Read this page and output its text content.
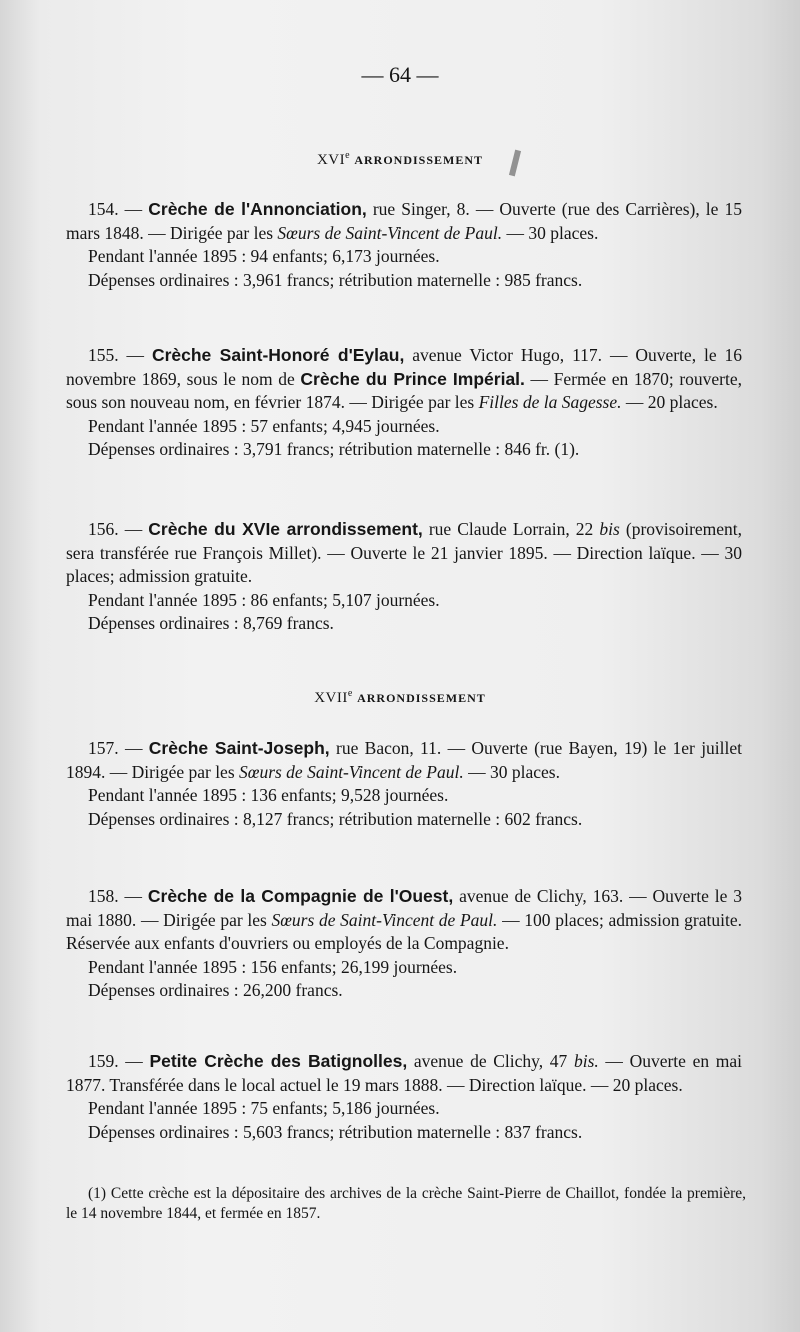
— 64 —
XVIe ARRONDISSEMENT

154. — Crèche de l'Annonciation, rue Singer, 8. — Ouverte (rue des Carrières), le 15 mars 1848. — Dirigée par les Sœurs de Saint-Vincent de Paul. — 30 places.

Pendant l'année 1895 : 94 enfants; 6,173 journées.

Dépenses ordinaires : 3,961 francs; rétribution maternelle : 985 francs.

155. — Crèche Saint-Honoré d'Eylau, avenue Victor Hugo, 117. — Ouverte, le 16 novembre 1869, sous le nom de Crèche du Prince Impérial. — Fermée en 1870; rouverte, sous son nouveau nom, en février 1874. — Dirigée par les Filles de la Sagesse. — 20 places.

Pendant l'année 1895 : 57 enfants; 4,945 journées.

Dépenses ordinaires : 3,791 francs; rétribution maternelle : 846 fr. (1).

156. — Crèche du XVIe arrondissement, rue Claude Lorrain, 22 bis (provisoirement, sera transférée rue François Millet). — Ouverte le 21 janvier 1895. — Direction laïque. — 30 places; admission gratuite.

Pendant l'année 1895 : 86 enfants; 5,107 journées.

Dépenses ordinaires : 8,769 francs.

XVIIe ARRONDISSEMENT

157. — Crèche Saint-Joseph, rue Bacon, 11. — Ouverte (rue Bayen, 19) le 1er juillet 1894. — Dirigée par les Sœurs de Saint-Vincent de Paul. — 30 places.

Pendant l'année 1895 : 136 enfants; 9,528 journées.

Dépenses ordinaires : 8,127 francs; rétribution maternelle : 602 francs.

158. — Crèche de la Compagnie de l'Ouest, avenue de Clichy, 163. — Ouverte le 3 mai 1880. — Dirigée par les Sœurs de Saint-Vincent de Paul. — 100 places; admission gratuite. Réservée aux enfants d'ouvriers ou employés de la Compagnie.

Pendant l'année 1895 : 156 enfants; 26,199 journées.

Dépenses ordinaires : 26,200 francs.

159. — Petite Crèche des Batignolles, avenue de Clichy, 47 bis. — Ouverte en mai 1877. Transférée dans le local actuel le 19 mars 1888. — Direction laïque. — 20 places.

Pendant l'année 1895 : 75 enfants; 5,186 journées.

Dépenses ordinaires : 5,603 francs; rétribution maternelle : 837 francs.

(1) Cette crèche est la dépositaire des archives de la crèche Saint-Pierre de Chaillot, fondée la première, le 14 novembre 1844, et fermée en 1857.
